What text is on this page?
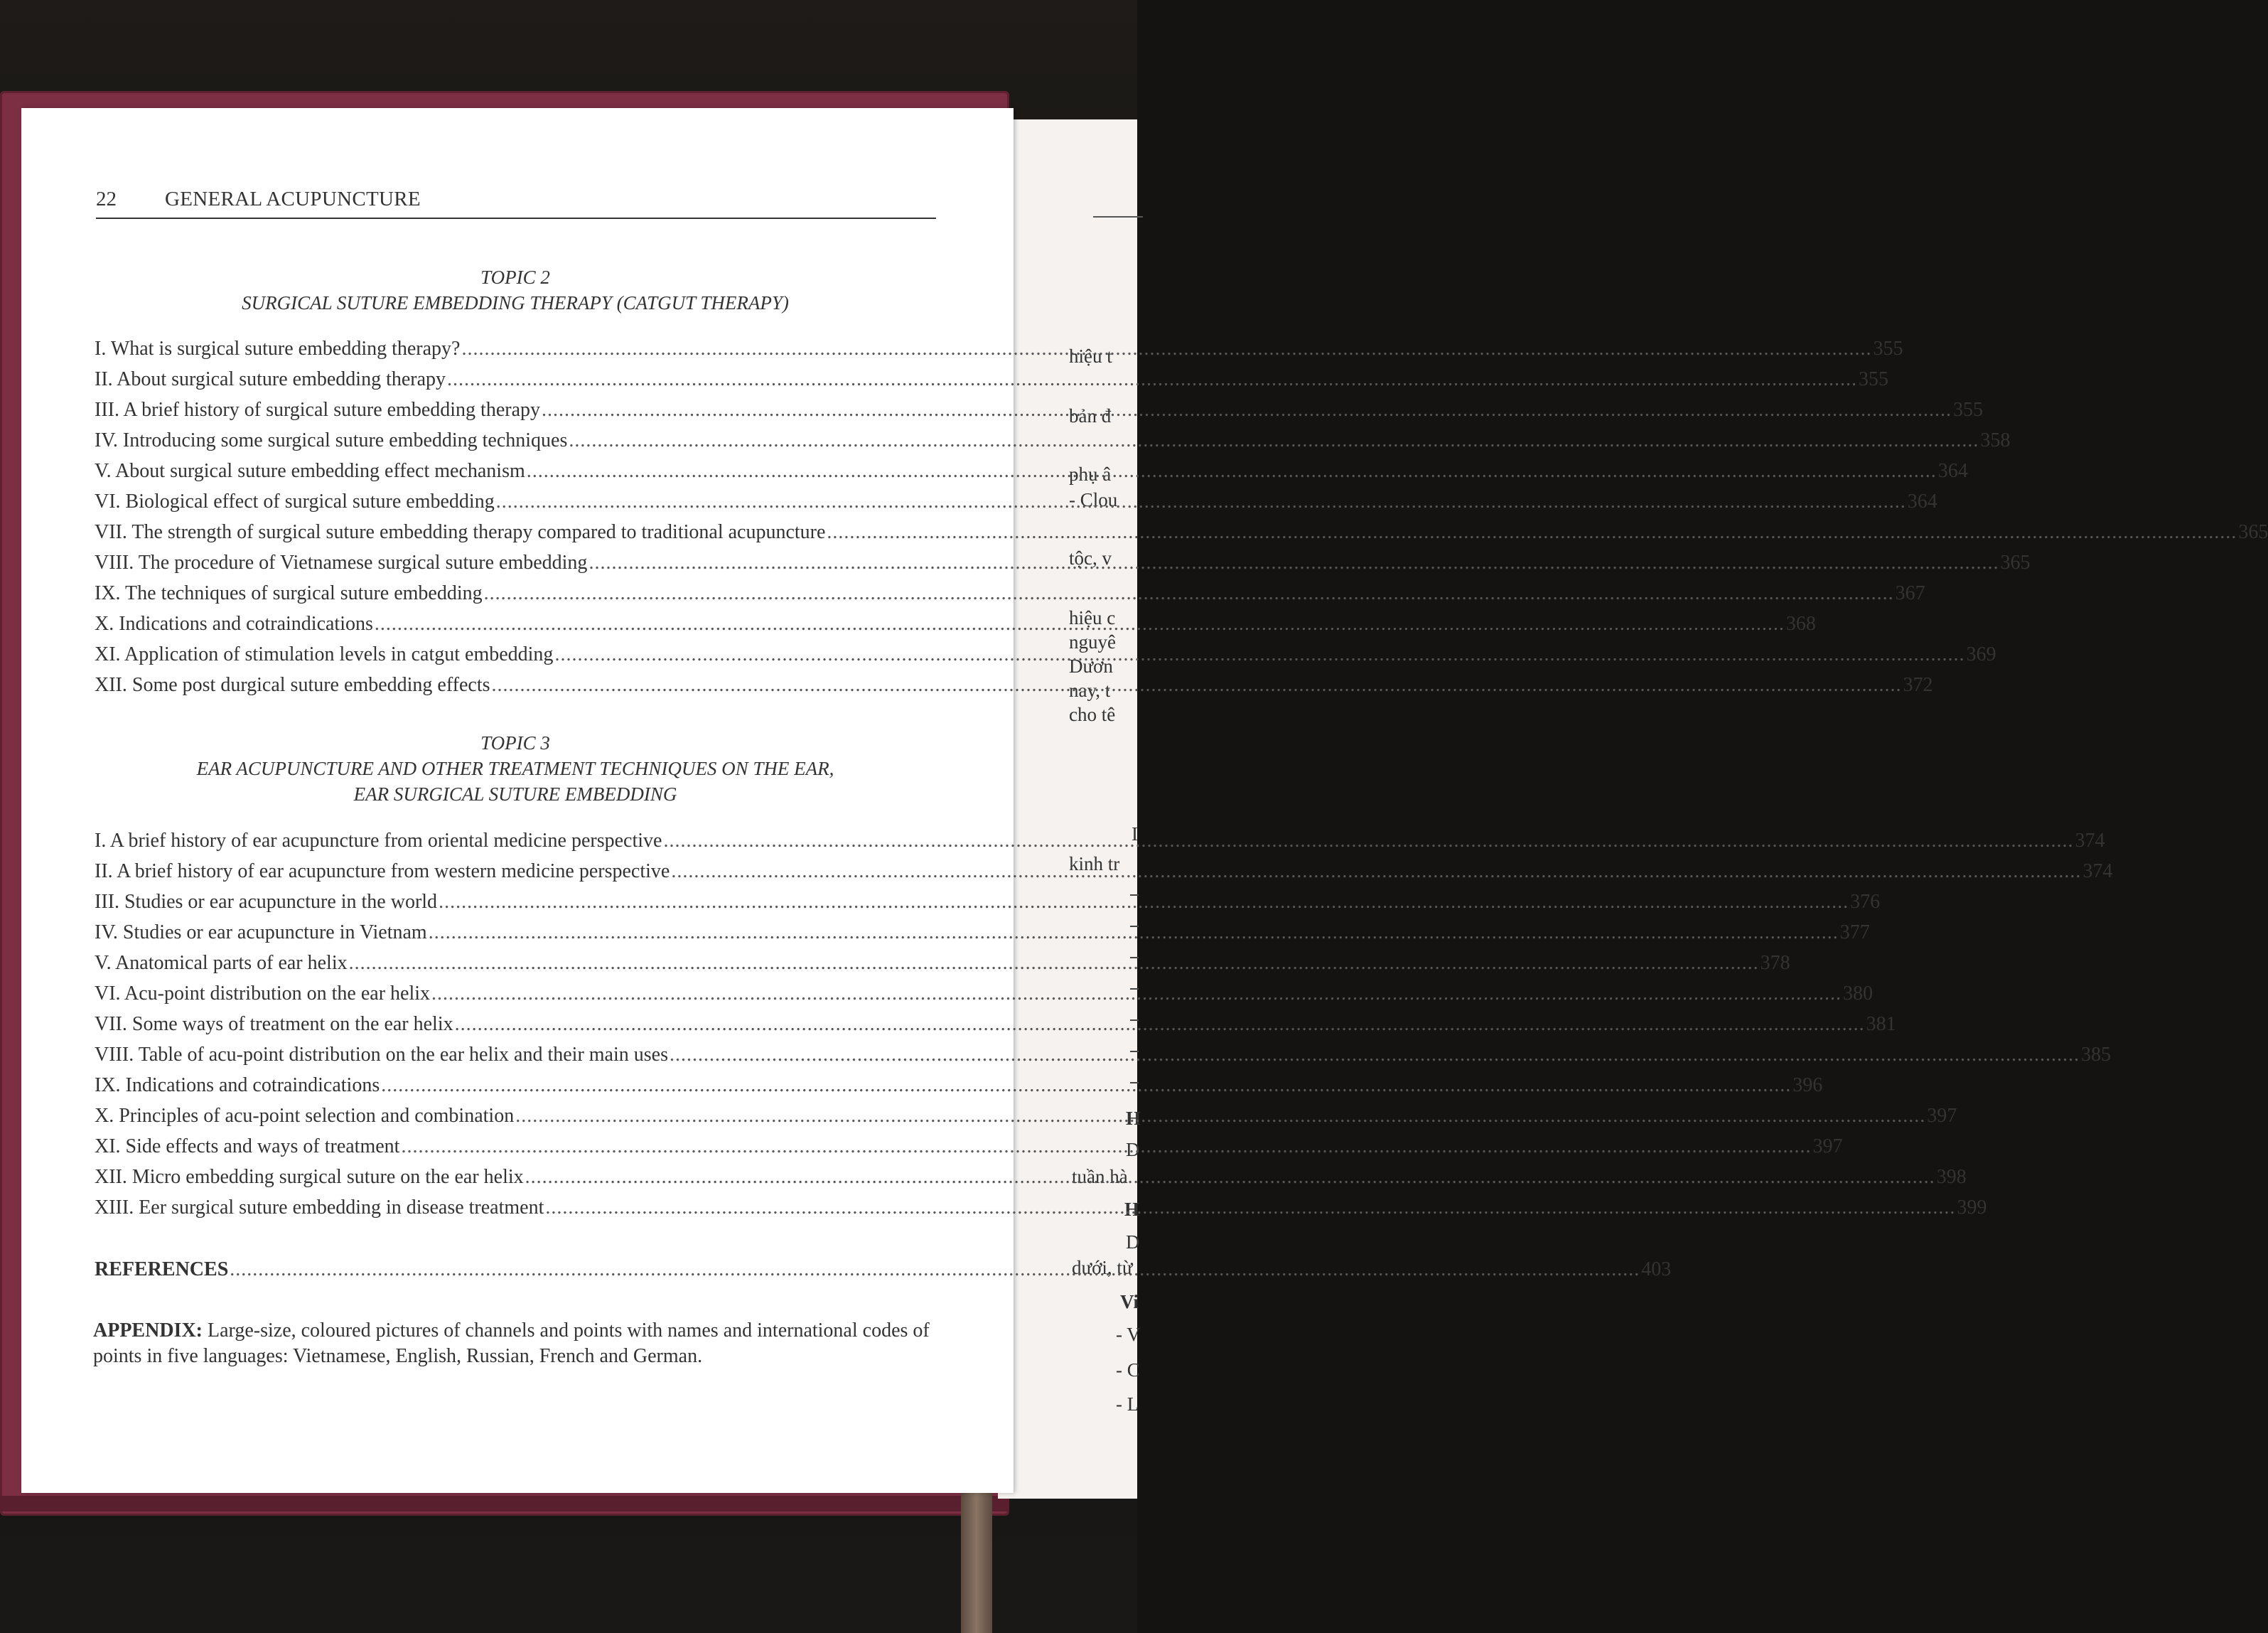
hiệu t
bản đ
phụ â
- Clou
tộc, v
hiệu c
nguyê
Dươn
nay, t
cho tê
I
kinh tr
H
D
tuần hà
H
D
dưới, từ
Vi
- V
- C
- L
22 GENERAL ACUPUNCTURE
TOPIC 2
SURGICAL SUTURE EMBEDDING THERAPY (CATGUT THERAPY)
I. What is surgical suture embedding therapy? .....	355
II. About surgical suture embedding therapy .....	355
III. A brief history of surgical suture embedding therapy .....	355
IV. Introducing some surgical suture embedding techniques .....	358
V. About surgical suture embedding effect mechanism .....	364
VI. Biological effect of surgical suture embedding .....	364
VII. The strength of surgical suture embedding therapy compared to traditional acupuncture .....	365
VIII. The procedure of Vietnamese surgical suture embedding .....	365
IX. The techniques of surgical suture embedding .....	367
X. Indications and cotraindications .....	368
XI. Application of stimulation levels in catgut embedding .....	369
XII. Some post durgical suture embedding effects .....	372
TOPIC 3
EAR ACUPUNCTURE AND OTHER TREATMENT TECHNIQUES ON THE EAR,
EAR SURGICAL SUTURE EMBEDDING
I. A brief history of ear acupuncture from oriental medicine perspective .....	374
II. A brief history of ear acupuncture from western medicine perspective .....	374
III. Studies or ear acupuncture in the world .....	376
IV. Studies or ear acupuncture in Vietnam .....	377
V. Anatomical parts of ear helix .....	378
VI. Acu-point distribution on the ear helix .....	380
VII. Some ways of treatment on the ear helix .....	381
VIII. Table of acu-point distribution on the ear helix and their main uses .....	385
IX. Indications and cotraindications .....	396
X. Principles of acu-point selection and combination .....	397
XI. Side effects and ways of treatment .....	397
XII. Micro embedding surgical suture on the ear helix .....	398
XIII. Eer surgical suture embedding in disease treatment .....	399
REFERENCES .....	403
APPENDIX: Large-size, coloured pictures of channels and points with names and international codes of points in five languages: Vietnamese, English, Russian, French and German.
